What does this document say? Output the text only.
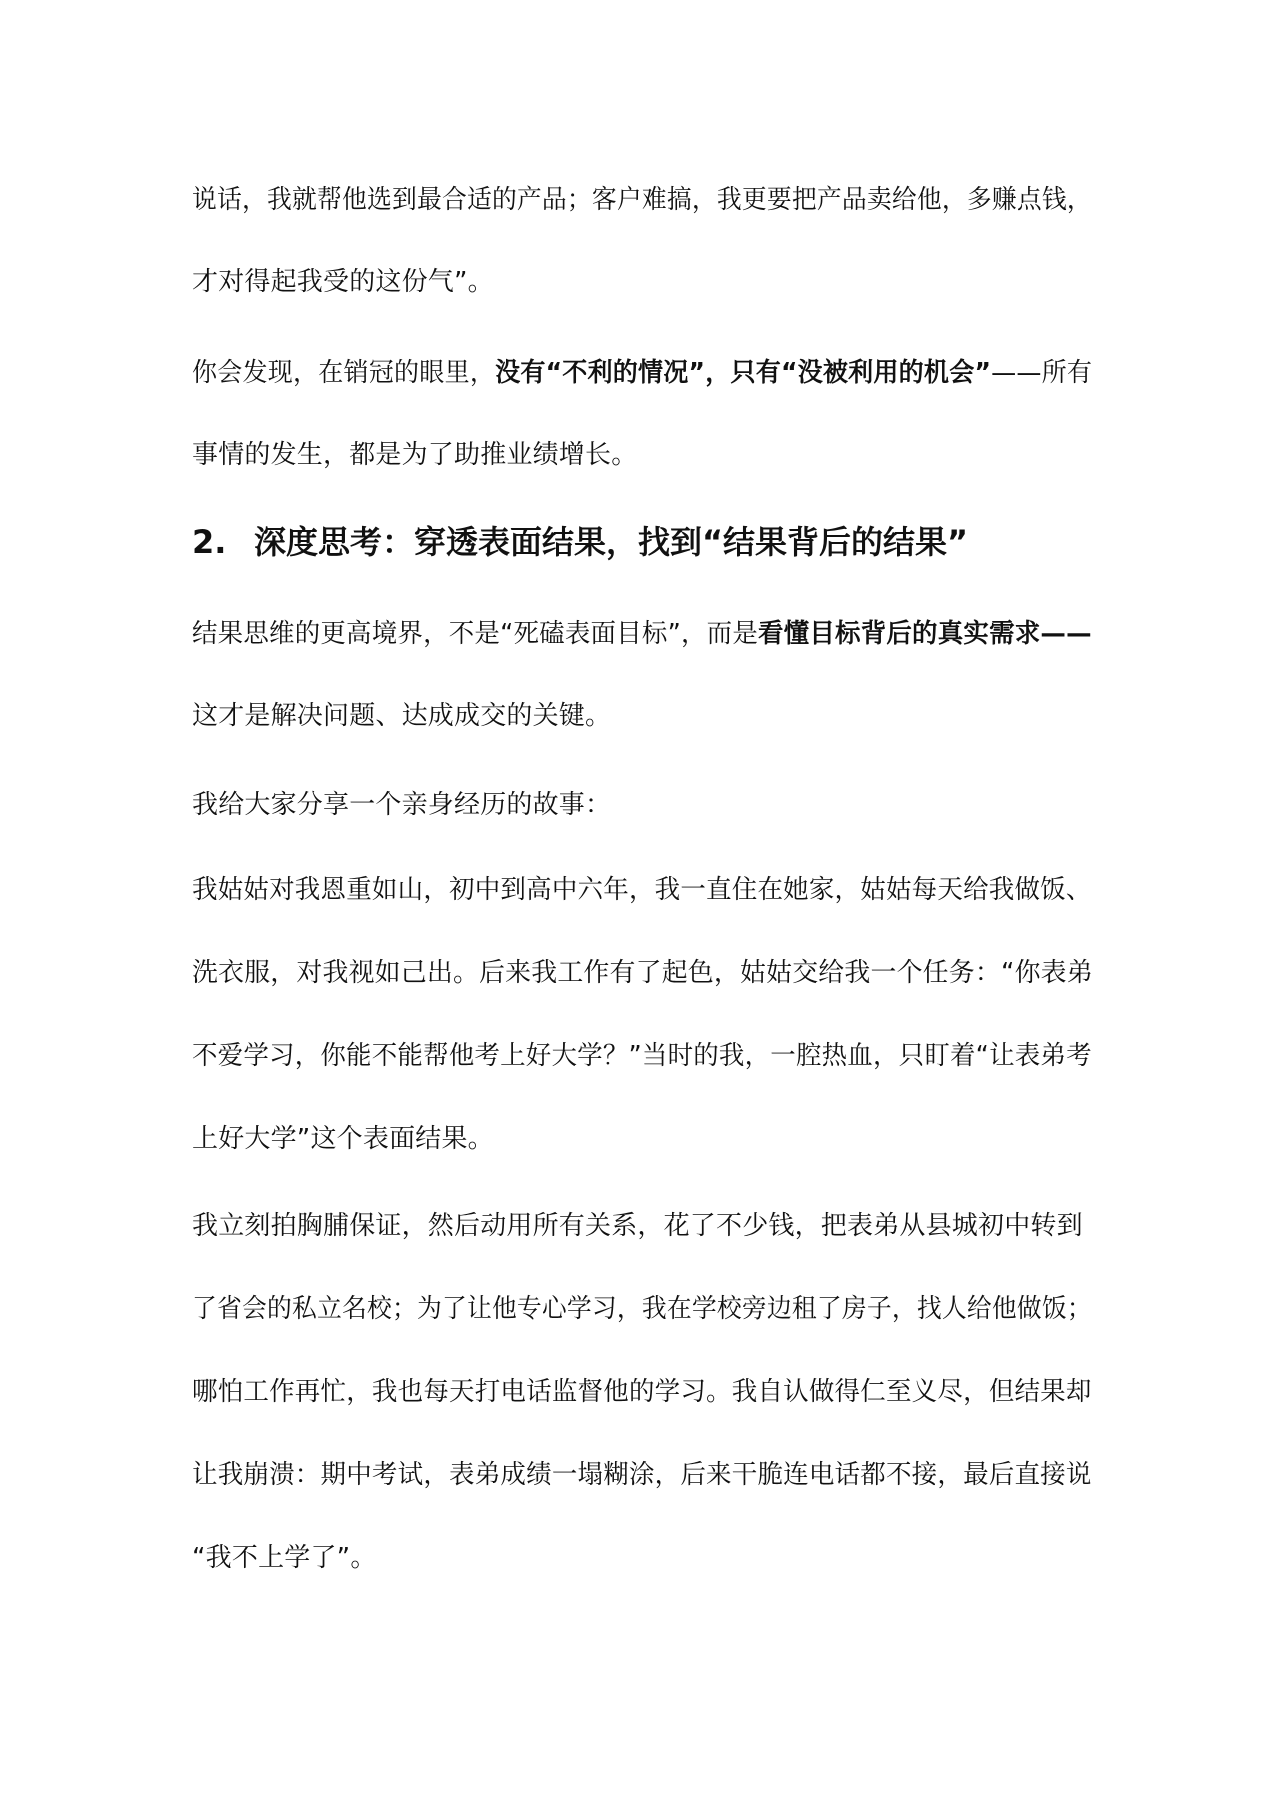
说话，我就帮他选到最合适的产品；客户难搞，我更要把产品卖给他，多赚点钱，
才对得起我受的这份气”。
你会发现，在销冠的眼里，没有“不利的情况”，只有“没被利用的机会”——所有
事情的发生，都是为了助推业绩增长。
2. 深度思考：穿透表面结果，找到“结果背后的结果”
结果思维的更高境界，不是“死磕表面目标”，而是看懂目标背后的真实需求——
这才是解决问题、达成成交的关键。
我给大家分享一个亲身经历的故事：
我姑姑对我恩重如山，初中到高中六年，我一直住在她家，姑姑每天给我做饭、
洗衣服，对我视如己出。后来我工作有了起色，姑姑交给我一个任务：“你表弟
不爱学习，你能不能帮他考上好大学？”当时的我，一腔热血，只盯着“让表弟考
上好大学”这个表面结果。
我立刻拍胸脯保证，然后动用所有关系，花了不少钱，把表弟从县城初中转到
了省会的私立名校；为了让他专心学习，我在学校旁边租了房子，找人给他做饭；
哪怕工作再忙，我也每天打电话监督他的学习。我自认做得仁至义尽，但结果却
让我崩溃：期中考试，表弟成绩一塌糊涂，后来干脆连电话都不接，最后直接说
“我不上学了”。
